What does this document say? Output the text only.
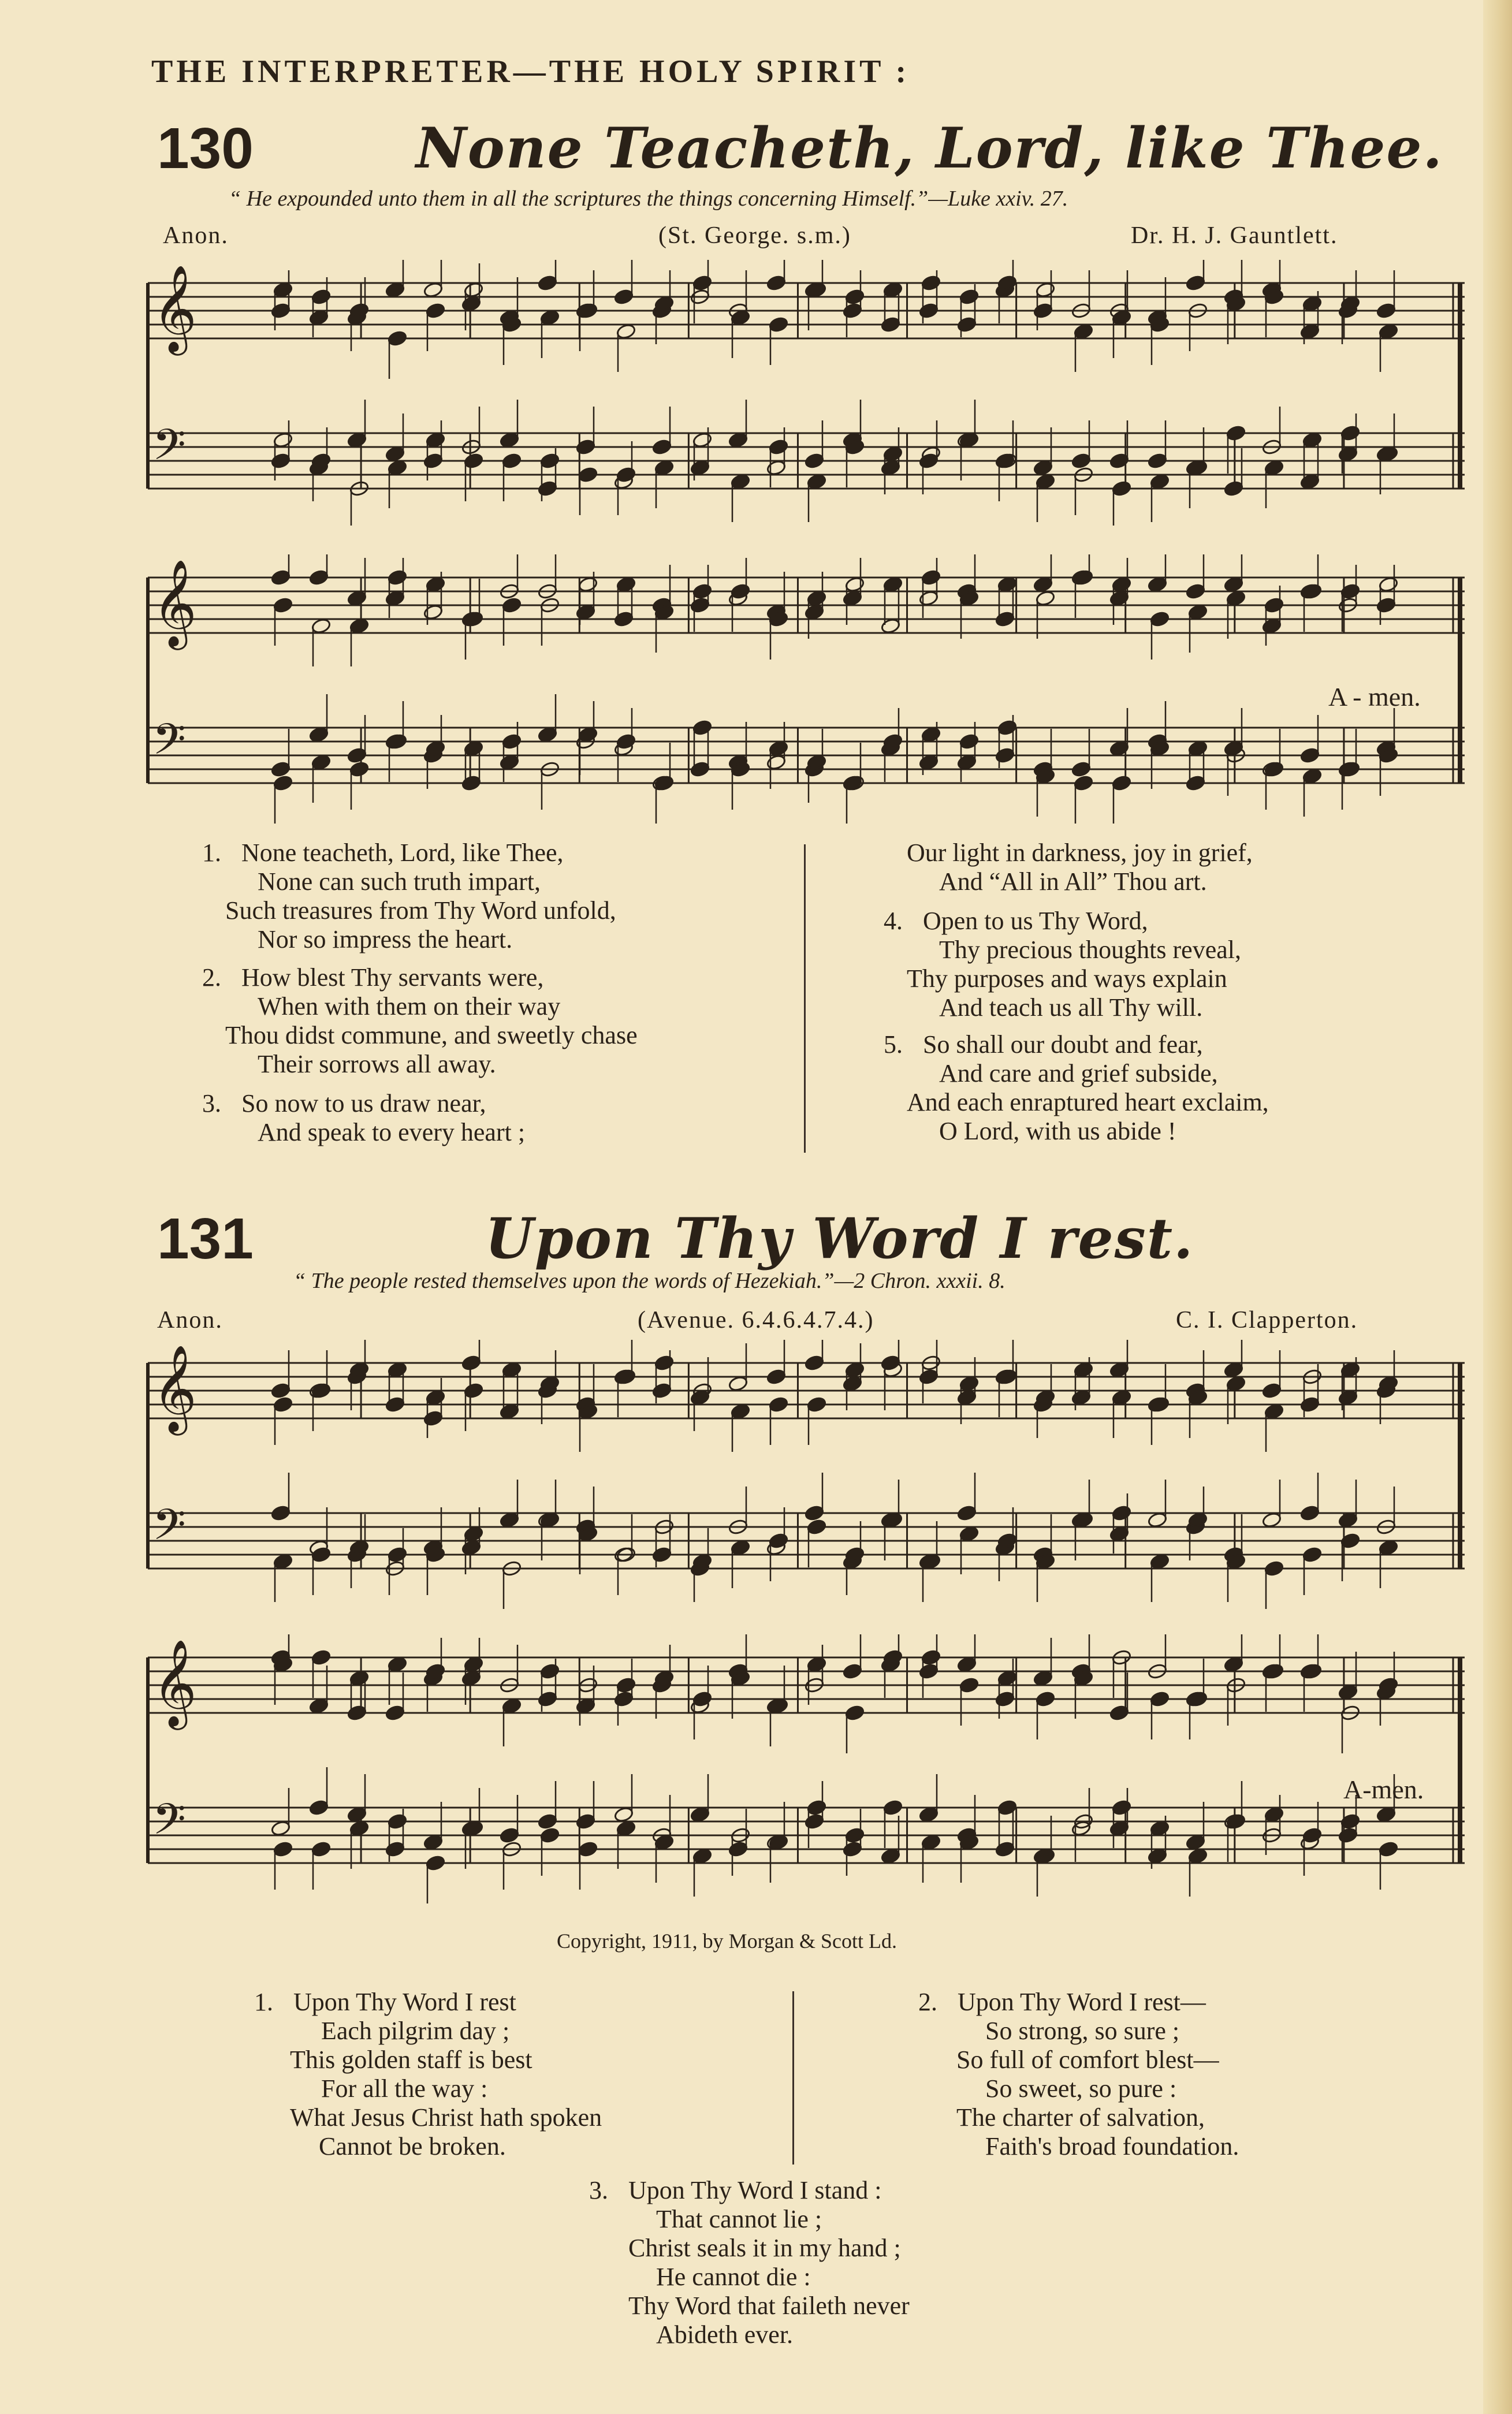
THE INTERPRETER—THE HOLY SPIRIT :
130	None Teacheth, Lord, like Thee.
“ He expounded unto them in all the scriptures the things concerning Himself.”—Luke xxiv. 27.
Anon.	(St. George. s.m.)	Dr. H. J. Gauntlett.
𝄞
𝄢
𝄞
𝄢
A - men.
1. None teacheth, Lord, like Thee,
None can such truth impart,
Such treasures from Thy Word unfold,
Nor so impress the heart.
2. How blest Thy servants were,
When with them on their way
Thou didst commune, and sweetly chase
Their sorrows all away.
3. So now to us draw near,
And speak to every heart ;
Our light in darkness, joy in grief,
And “All in All” Thou art.
4. Open to us Thy Word,
Thy precious thoughts reveal,
Thy purposes and ways explain
And teach us all Thy will.
5. So shall our doubt and fear,
And care and grief subside,
And each enraptured heart exclaim,
O Lord, with us abide !
131	Upon Thy Word I rest.
“ The people rested themselves upon the words of Hezekiah.”—2 Chron. xxxii. 8.
Anon.	(Avenue. 6.4.6.4.7.4.)	C. I. Clapperton.
𝄞
𝄢
𝄞
𝄢
A-men.
Copyright, 1911, by Morgan & Scott Ld.
1. Upon Thy Word I rest
Each pilgrim day ;
This golden staff is best
For all the way :
What Jesus Christ hath spoken
Cannot be broken.
2. Upon Thy Word I rest—
So strong, so sure ;
So full of comfort blest—
So sweet, so pure :
The charter of salvation,
Faith's broad foundation.
3. Upon Thy Word I stand :
That cannot lie ;
Christ seals it in my hand ;
He cannot die :
Thy Word that faileth never
Abideth ever.
